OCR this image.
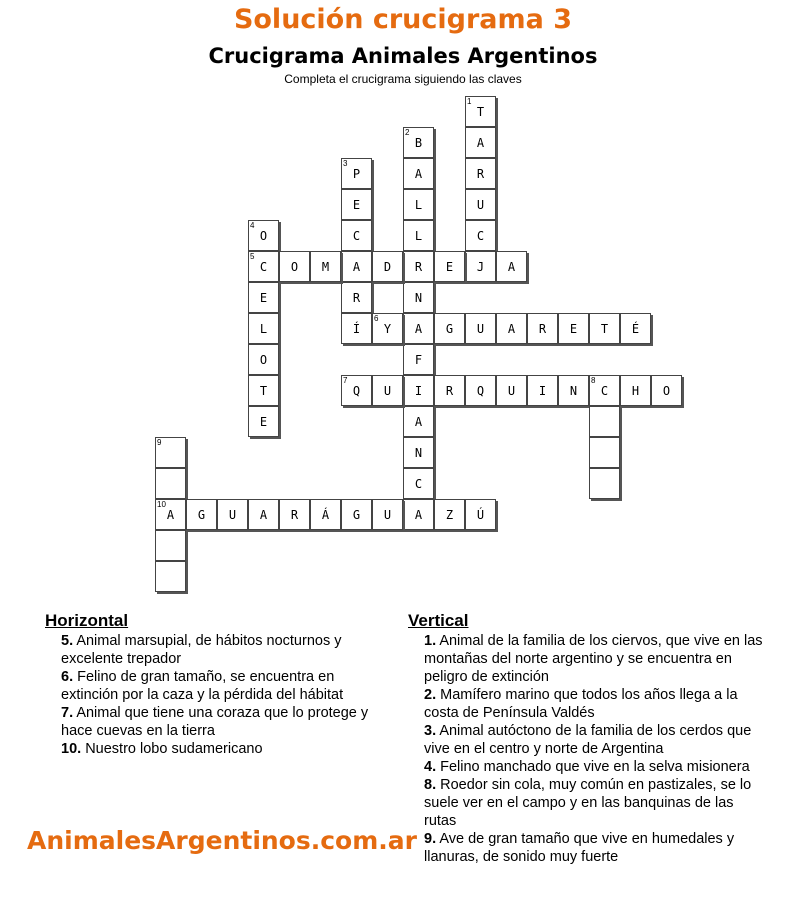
Solución crucigrama 3
Crucigrama Animales Argentinos
Completa el crucigrama siguiendo las claves
1
T
A
R
U
C
J
2
B
A
L
L
R
N
A
F
I
A
N
C
A
3
P
E
C
A
R
Í
4
O
5
C
E
L
O
T
E
O	M	D	E	A
6
Y	G	U	A	R	E	T	É
7
Q	U	R	Q	U	I	N
8
C	H	O
9
10
A	G	U	A	R	Á	G	U	Z	Ú
Horizontal
5. Animal marsupial, de hábitos nocturnos y excelente trepador
6. Felino de gran tamaño, se encuentra en extinción por la caza y la pérdida del hábitat
7. Animal que tiene una coraza que lo protege y hace cuevas en la tierra
10. Nuestro lobo sudamericano
Vertical
1. Animal de la familia de los ciervos, que vive en las montañas del norte argentino y se encuentra en peligro de extinción
2. Mamífero marino que todos los años llega a la costa de Península Valdés
3. Animal autóctono de la familia de los cerdos que vive en el centro y norte de Argentina
4. Felino manchado que vive en la selva misionera
8. Roedor sin cola, muy común en pastizales, se lo suele ver en el campo y en las banquinas de las rutas
9. Ave de gran tamaño que vive en humedales y llanuras, de sonido muy fuerte
AnimalesArgentinos.com.ar
